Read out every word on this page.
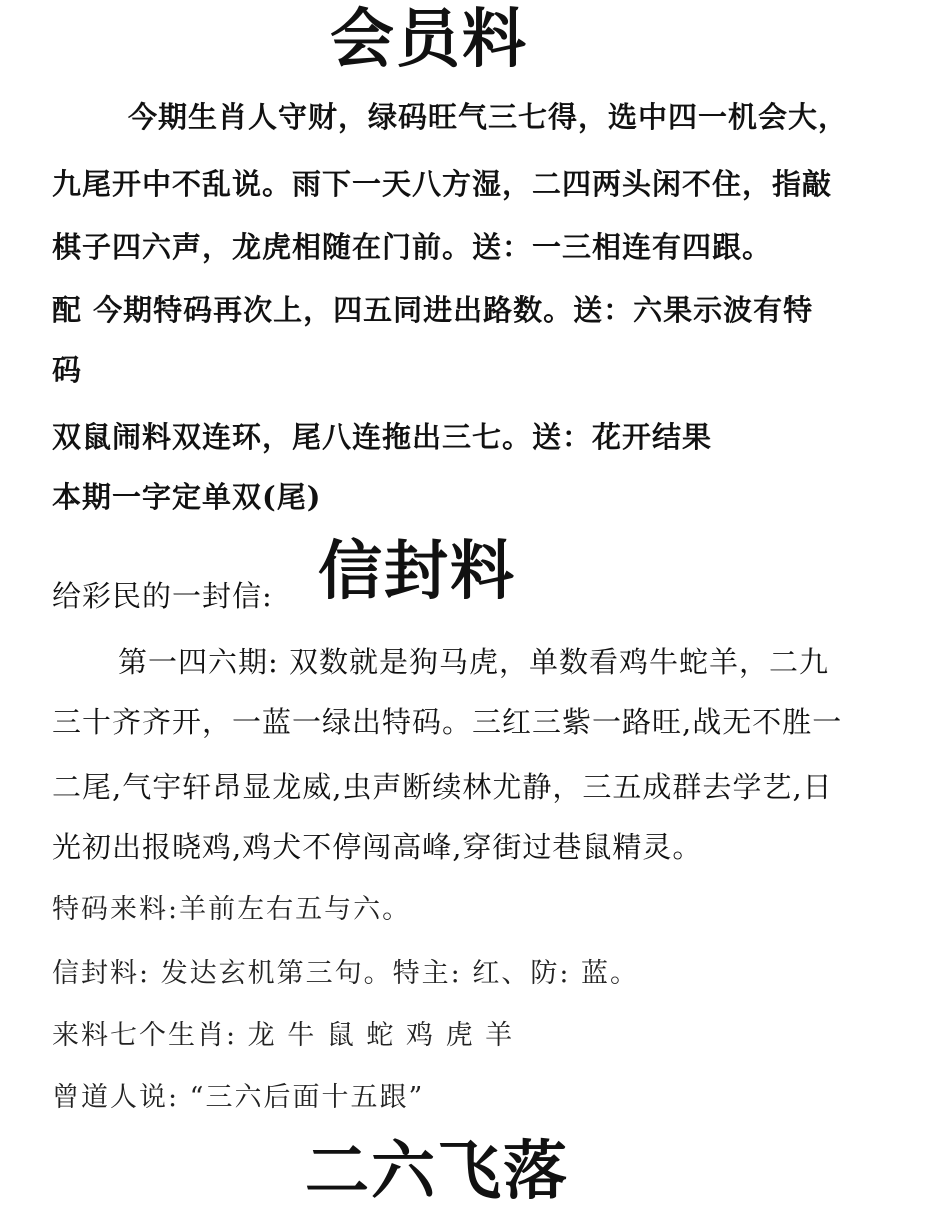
会员料
今期生肖人守财，绿码旺气三七得，选中四一机会大，
九尾开中不乱说。雨下一天八方湿，二四两头闲不住，指敲
棋子四六声，龙虎相随在门前。送：一三相连有四跟。
配 今期特码再次上，四五同进出路数。送：六果示波有特
码
双鼠闹料双连环，尾八连拖出三七。送：花开结果
本期一字定单双(尾)
给彩民的一封信: 信封料
第一四六期: 双数就是狗马虎，单数看鸡牛蛇羊，二九
三十齐齐开，一蓝一绿出特码。三红三紫一路旺,战无不胜一
二尾,气宇轩昂显龙威,虫声断续林尤静，三五成群去学艺,日
光初出报晓鸡,鸡犬不停闯高峰,穿街过巷鼠精灵。
特码来料:羊前左右五与六。
信封料: 发达玄机第三句。特主: 红、防: 蓝。
来料七个生肖: 龙 牛 鼠 蛇 鸡 虎 羊
曾道人说: “三六后面十五跟”
二六飞落
